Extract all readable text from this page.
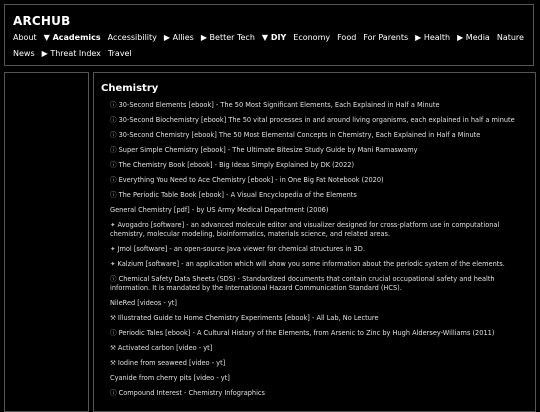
ARCHUB
About ▼ Academics Accessibility ▶ Allies ▶ Better Tech ▼ DIY Economy Food For Parents ▶ Health ▶ Media Nature
News ▶ Threat Index Travel
Chemistry
ⓘ 30-Second Elements [ebook] - The 50 Most Significant Elements, Each Explained in Half a Minute
ⓘ 30-Second Biochemistry [ebook] The 50 vital processes in and around living organisms, each explained in half a minute
ⓘ 30-Second Chemistry [ebook] The 50 Most Elemental Concepts in Chemistry, Each Explained in Half a Minute
ⓘ Super Simple Chemistry [ebook] - The Ultimate Bitesize Study Guide by Mani Ramaswamy
ⓘ The Chemistry Book [ebook] - Big Ideas Simply Explained by DK (2022)
ⓘ Everything You Need to Ace Chemistry [ebook] - in One Big Fat Notebook (2020)
ⓘ The Periodic Table Book [ebook] - A Visual Encyclopedia of the Elements
General Chemistry [pdf] - by US Army Medical Department (2006)
✦ Avogadro [software] - an advanced molecule editor and visualizer designed for cross-platform use in computational chemistry, molecular modeling, bioinformatics, materials science, and related areas.
✦ Jmol [software] - an open-source Java viewer for chemical structures in 3D.
✦ Kalzium [software] - an application which will show you some information about the periodic system of the elements.
ⓘ Chemical Safety Data Sheets (SDS) - Standardized documents that contain crucial occupational safety and health information. It is mandated by the International Hazard Communication Standard (HCS).
NileRed [videos - yt]
⚒ Illustrated Guide to Home Chemistry Experiments [ebook] - All Lab, No Lecture
ⓘ Periodic Tales [ebook] - A Cultural History of the Elements, from Arsenic to Zinc by Hugh Aldersey-Williams (2011)
⚒ Activated carbon [video - yt]
⚒ Iodine from seaweed [video - yt]
Cyanide from cherry pits [video - yt]
ⓘ Compound Interest - Chemistry Infographics
